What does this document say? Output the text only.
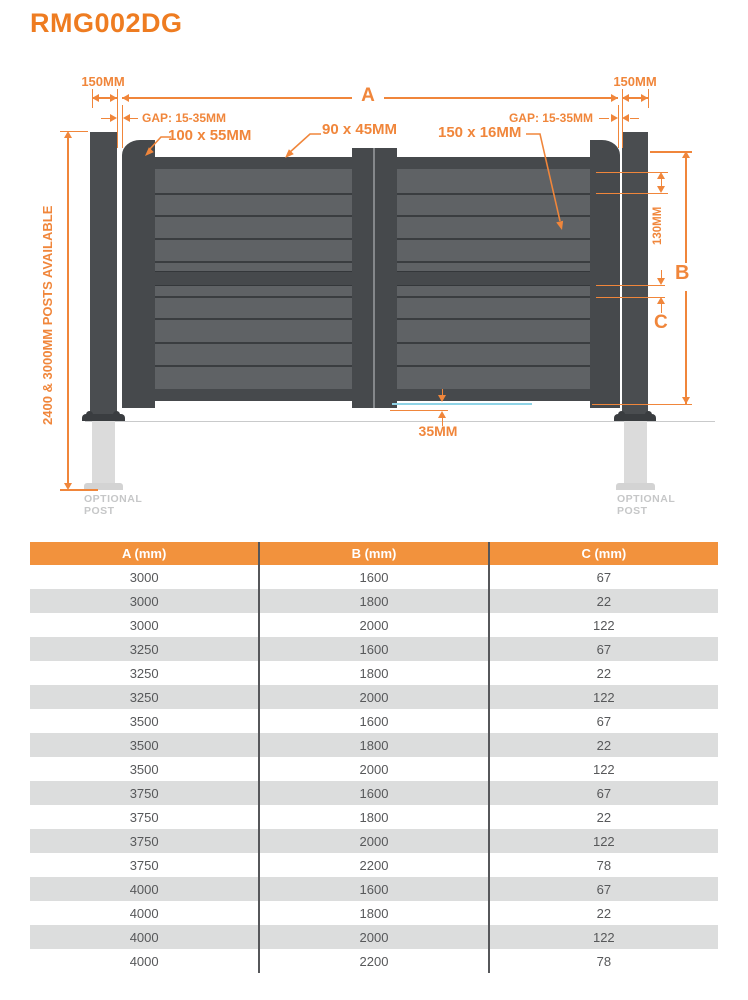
RMG002DG
OPTIONAL POST
OPTIONAL POST
150MM
GAP: 15-35MM
A
GAP: 15-35MM
150MM
100 x 55MM	90 x 45MM	150 x 16MM
2400 & 3000MM POSTS AVAILABLE	B
130MM
C
35MM
A (mm)	B (mm)	C (mm)
3000	1600	67
3000	1800	22
3000	2000	122
3250	1600	67
3250	1800	22
3250	2000	122
3500	1600	67
3500	1800	22
3500	2000	122
3750	1600	67
3750	1800	22
3750	2000	122
3750	2200	78
4000	1600	67
4000	1800	22
4000	2000	122
4000	2200	78
